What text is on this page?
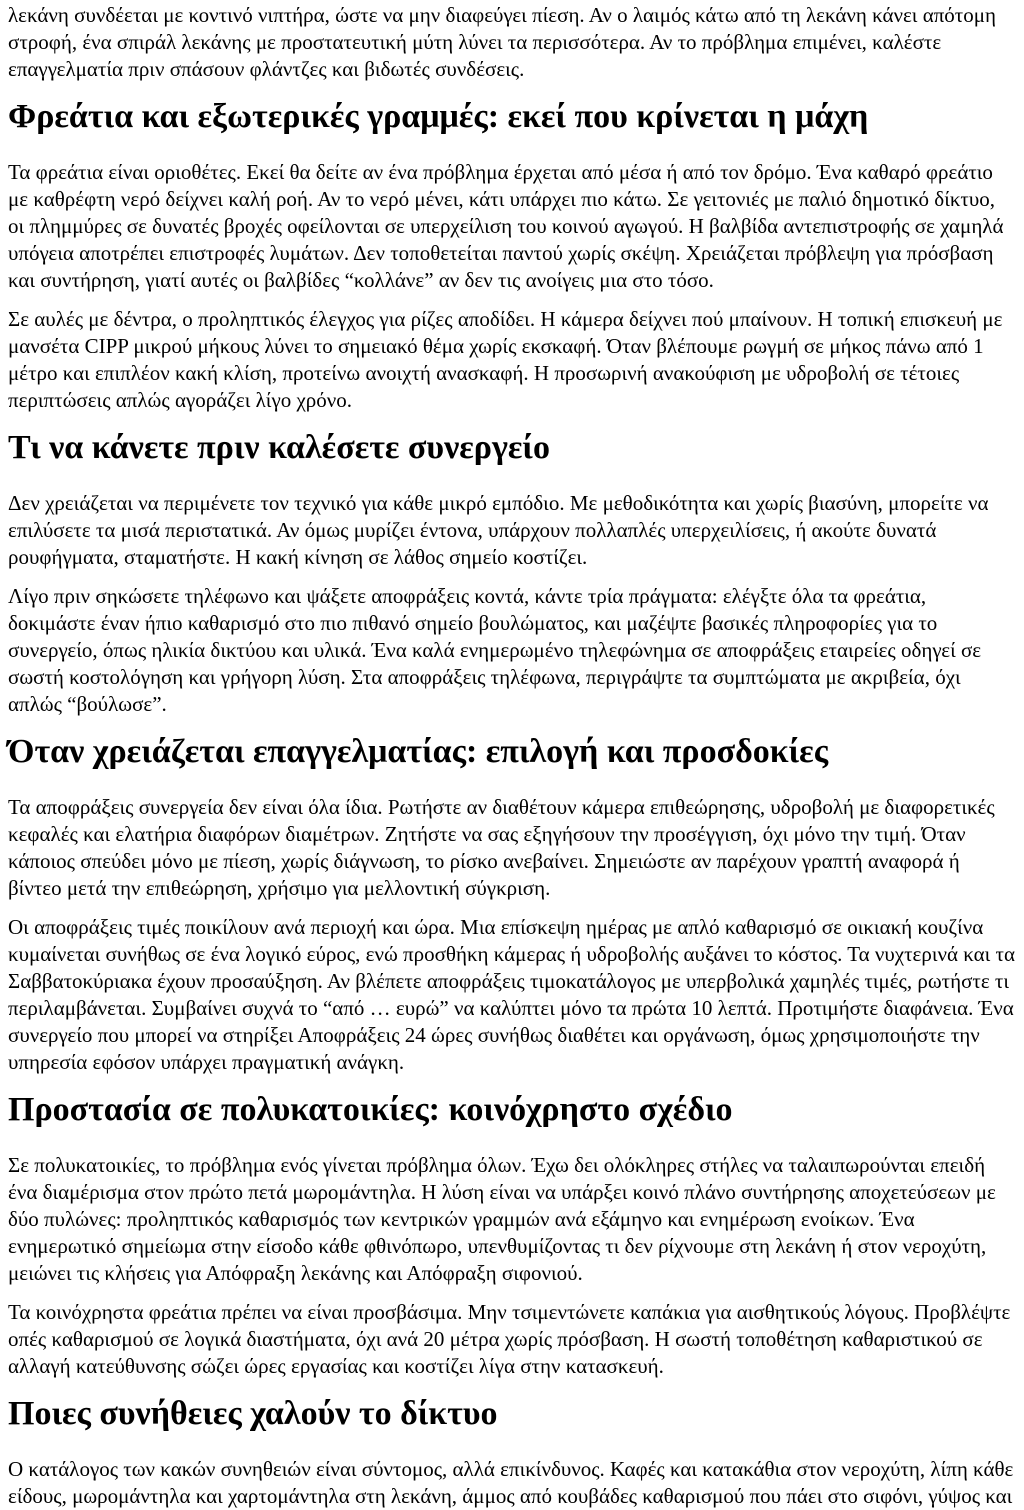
λεκάνη συνδέεται με κοντινό νιπτήρα, ώστε να μην διαφεύγει πίεση. Αν ο λαιμός κάτω από τη λεκάνη κάνει απότομη στροφή, ένα σπιράλ λεκάνης με προστατευτική μύτη λύνει τα περισσότερα. Αν το πρόβλημα επιμένει, καλέστε επαγγελματία πριν σπάσουν φλάντζες και βιδωτές συνδέσεις.

Φρεάτια και εξωτερικές γραμμές: εκεί που κρίνεται η μάχη

Τα φρεάτια είναι οριοθέτες. Εκεί θα δείτε αν ένα πρόβλημα έρχεται από μέσα ή από τον δρόμο. Ένα καθαρό φρεάτιο με καθρέφτη νερό δείχνει καλή ροή. Αν το νερό μένει, κάτι υπάρχει πιο κάτω. Σε γειτονιές με παλιό δημοτικό δίκτυο, οι πλημμύρες σε δυνατές βροχές οφείλονται σε υπερχείλιση του κοινού αγωγού. Η βαλβίδα αντεπιστροφής σε χαμηλά υπόγεια αποτρέπει επιστροφές λυμάτων. Δεν τοποθετείται παντού χωρίς σκέψη. Χρειάζεται πρόβλεψη για πρόσβαση και συντήρηση, γιατί αυτές οι βαλβίδες “κολλάνε” αν δεν τις ανοίγεις μια στο τόσο.

Σε αυλές με δέντρα, ο προληπτικός έλεγχος για ρίζες αποδίδει. Η κάμερα δείχνει πού μπαίνουν. Η τοπική επισκευή με μανσέτα CIPP μικρού μήκους λύνει το σημειακό θέμα χωρίς εκσκαφή. Όταν βλέπουμε ρωγμή σε μήκος πάνω από 1 μέτρο και επιπλέον κακή κλίση, προτείνω ανοιχτή ανασκαφή. Η προσωρινή ανακούφιση με υδροβολή σε τέτοιες περιπτώσεις απλώς αγοράζει λίγο χρόνο.

Τι να κάνετε πριν καλέσετε συνεργείο

Δεν χρειάζεται να περιμένετε τον τεχνικό για κάθε μικρό εμπόδιο. Με μεθοδικότητα και χωρίς βιασύνη, μπορείτε να επιλύσετε τα μισά περιστατικά. Αν όμως μυρίζει έντονα, υπάρχουν πολλαπλές υπερχειλίσεις, ή ακούτε δυνατά ρουφήγματα, σταματήστε. Η κακή κίνηση σε λάθος σημείο κοστίζει.

Λίγο πριν σηκώσετε τηλέφωνο και ψάξετε αποφράξεις κοντά, κάντε τρία πράγματα: ελέγξτε όλα τα φρεάτια, δοκιμάστε έναν ήπιο καθαρισμό στο πιο πιθανό σημείο βουλώματος, και μαζέψτε βασικές πληροφορίες για το συνεργείο, όπως ηλικία δικτύου και υλικά. Ένα καλά ενημερωμένο τηλεφώνημα σε αποφράξεις εταιρείες οδηγεί σε σωστή κοστολόγηση και γρήγορη λύση. Στα αποφράξεις τηλέφωνα, περιγράψτε τα συμπτώματα με ακριβεία, όχι απλώς “βούλωσε”.

Όταν χρειάζεται επαγγελματίας: επιλογή και προσδοκίες

Τα αποφράξεις συνεργεία δεν είναι όλα ίδια. Ρωτήστε αν διαθέτουν κάμερα επιθεώρησης, υδροβολή με διαφορετικές κεφαλές και ελατήρια διαφόρων διαμέτρων. Ζητήστε να σας εξηγήσουν την προσέγγιση, όχι μόνο την τιμή. Όταν κάποιος σπεύδει μόνο με πίεση, χωρίς διάγνωση, το ρίσκο ανεβαίνει. Σημειώστε αν παρέχουν γραπτή αναφορά ή βίντεο μετά την επιθεώρηση, χρήσιμο για μελλοντική σύγκριση.

Οι αποφράξεις τιμές ποικίλουν ανά περιοχή και ώρα. Μια επίσκεψη ημέρας με απλό καθαρισμό σε οικιακή κουζίνα κυμαίνεται συνήθως σε ένα λογικό εύρος, ενώ προσθήκη κάμερας ή υδροβολής αυξάνει το κόστος. Τα νυχτερινά και τα Σαββατοκύριακα έχουν προσαύξηση. Αν βλέπετε αποφράξεις τιμοκατάλογος με υπερβολικά χαμηλές τιμές, ρωτήστε τι περιλαμβάνεται. Συμβαίνει συχνά το “από … ευρώ” να καλύπτει μόνο τα πρώτα 10 λεπτά. Προτιμήστε διαφάνεια. Ένα συνεργείο που μπορεί να στηρίξει Αποφράξεις 24 ώρες συνήθως διαθέτει και οργάνωση, όμως χρησιμοποιήστε την υπηρεσία εφόσον υπάρχει πραγματική ανάγκη.

Προστασία σε πολυκατοικίες: κοινόχρηστο σχέδιο

Σε πολυκατοικίες, το πρόβλημα ενός γίνεται πρόβλημα όλων. Έχω δει ολόκληρες στήλες να ταλαιπωρούνται επειδή ένα διαμέρισμα στον πρώτο πετά μωρομάντηλα. Η λύση είναι να υπάρξει κοινό πλάνο συντήρησης αποχετεύσεων με δύο πυλώνες: προληπτικός καθαρισμός των κεντρικών γραμμών ανά εξάμηνο και ενημέρωση ενοίκων. Ένα ενημερωτικό σημείωμα στην είσοδο κάθε φθινόπωρο, υπενθυμίζοντας τι δεν ρίχνουμε στη λεκάνη ή στον νεροχύτη, μειώνει τις κλήσεις για Απόφραξη λεκάνης και Απόφραξη σιφονιού.

Τα κοινόχρηστα φρεάτια πρέπει να είναι προσβάσιμα. Μην τσιμεντώνετε καπάκια για αισθητικούς λόγους. Προβλέψτε οπές καθαρισμού σε λογικά διαστήματα, όχι ανά 20 μέτρα χωρίς πρόσβαση. Η σωστή τοποθέτηση καθαριστικού σε αλλαγή κατεύθυνσης σώζει ώρες εργασίας και κοστίζει λίγα στην κατασκευή.

Ποιες συνήθειες χαλούν το δίκτυο

Ο κατάλογος των κακών συνηθειών είναι σύντομος, αλλά επικίνδυνος. Καφές και κατακάθια στον νεροχύτη, λίπη κάθε είδους, μωρομάντηλα και χαρτομάντηλα στη λεκάνη, άμμος από κουβάδες καθαρισμού που πάει στο σιφόνι, γύψος και
